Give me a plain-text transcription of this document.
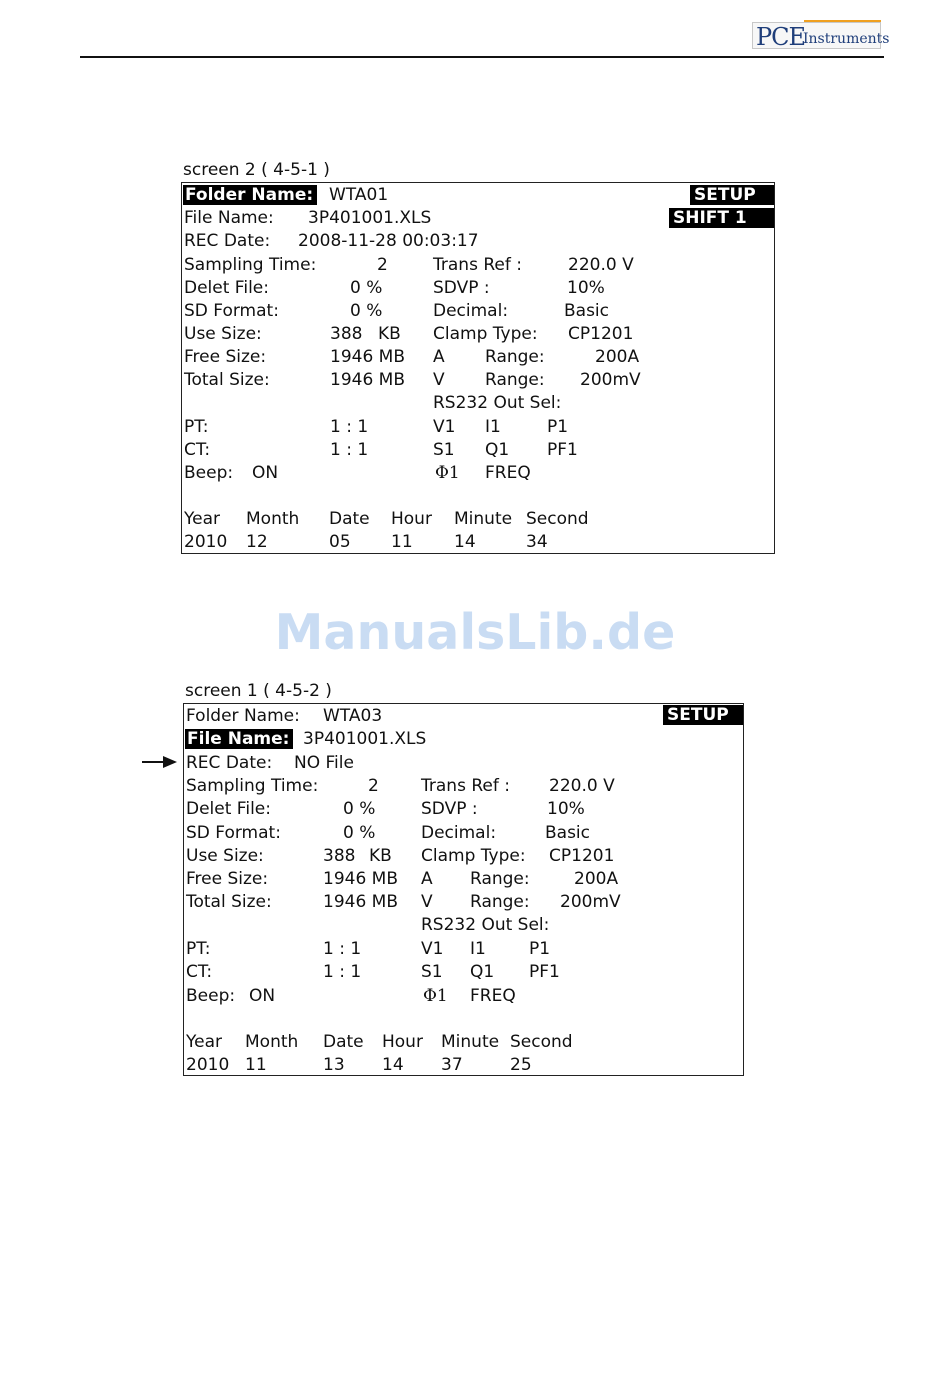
PCE
Instruments
ManualsLib.de
screen 2 ( 4-5-1 )
SETUP
SHIFT 1
Folder Name: WTA01
File Name: 3P401001.XLS
REC Date: 2008-11-28 00:03:17
Sampling Time:	2
Delet File:	0 %
SD Format:	0 %
Use Size:	388 KB
Free Size:	1946 MB
Total Size:	1946 MB
PT:	1 : 1
CT:	1 : 1
Beep: ON
Trans Ref :	220.0 V
SDVP :	10%
Decimal:	Basic
Clamp Type: CP1201
A Range:	200A
V Range: 200mV
RS232 Out Sel:
V1 I1	P1
S1 Q1 PF1
Φ1 FREQ
Year Month Date Hour Minute Second
2010 12	05 11 14	34
screen 1 ( 4-5-2 )
SETUP
Folder Name: WTA03
File Name: 3P401001.XLS
REC Date: NO File
Sampling Time:	2
Delet File:	0 %
SD Format:	0 %
Use Size:	388 KB
Free Size:	1946 MB
Total Size:	1946 MB
PT:	1 : 1
CT:	1 : 1
Beep: ON
Trans Ref : 220.0 V
SDVP :	10%
Decimal:	Basic
Clamp Type: CP1201
A Range:	200A
V Range: 200mV
RS232 Out Sel:
V1 I1	P1
S1 Q1 PF1
Φ1 FREQ
Year Month Date Hour Minute Second
2010 11	13 14 37	25
